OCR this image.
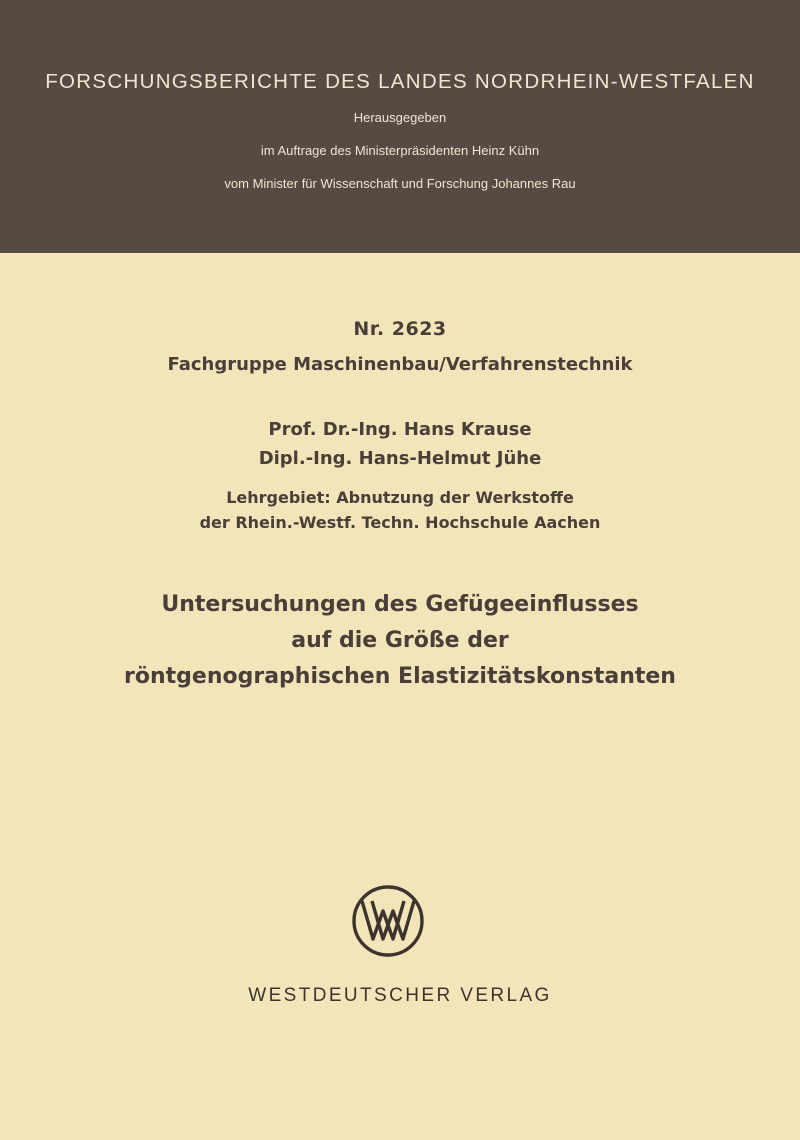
FORSCHUNGSBERICHTE DES LANDES NORDRHEIN-WESTFALEN
Herausgegeben
im Auftrage des Ministerpräsidenten Heinz Kühn
vom Minister für Wissenschaft und Forschung Johannes Rau
Nr. 2623
Fachgruppe Maschinenbau/Verfahrenstechnik
Prof. Dr.-Ing. Hans Krause
Dipl.-Ing. Hans-Helmut Jühe
Lehrgebiet: Abnutzung der Werkstoffe
der Rhein.-Westf. Techn. Hochschule Aachen
Untersuchungen des Gefügeeinflusses
auf die Größe der
röntgenographischen Elastizitätskonstanten
WESTDEUTSCHER VERLAG
